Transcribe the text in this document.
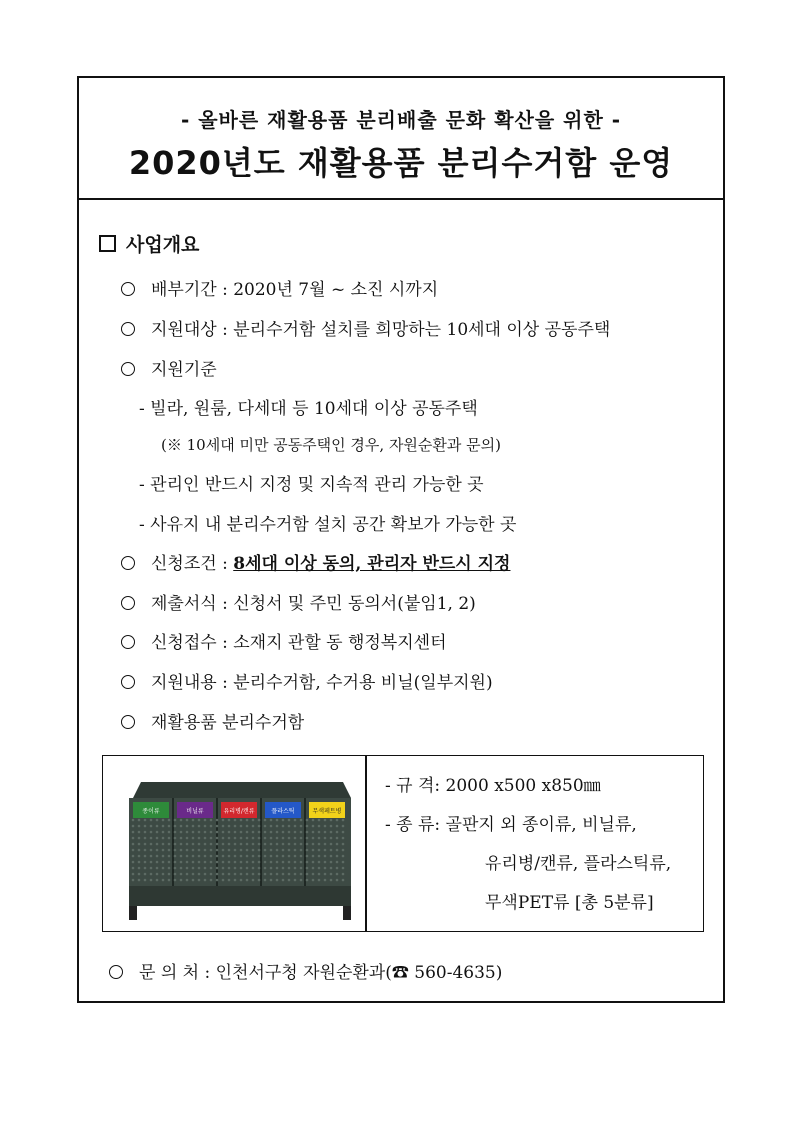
- 올바른 재활용품 분리배출 문화 확산을 위한 -
2020년도 재활용품 분리수거함 운영
사업개요
배부기간 : 2020년 7월 ~ 소진 시까지
지원대상 : 분리수거함 설치를 희망하는 10세대 이상 공동주택
지원기준
- 빌라, 원룸, 다세대 등 10세대 이상 공동주택
(※ 10세대 미만 공동주택인 경우, 자원순환과 문의)
- 관리인 반드시 지정 및 지속적 관리 가능한 곳
- 사유지 내 분리수거함 설치 공간 확보가 가능한 곳
신청조건 : 8세대 이상 동의, 관리자 반드시 지정
제출서식 : 신청서 및 주민 동의서(붙임1, 2)
신청접수 : 소재지 관할 동 행정복지센터
지원내용 : 분리수거함, 수거용 비닐(일부지원)
재활용품 분리수거함
종이류	비닐류	유리병/캔류	플라스틱	무색페트병
- 규 격: 2000 x500 x850㎜
- 종 류: 골판지 외 종이류, 비닐류,
유리병/캔류, 플라스틱류,
무색PET류 [총 5분류]
문 의 처 : 인천서구청 자원순환과(☎ 560-4635)
